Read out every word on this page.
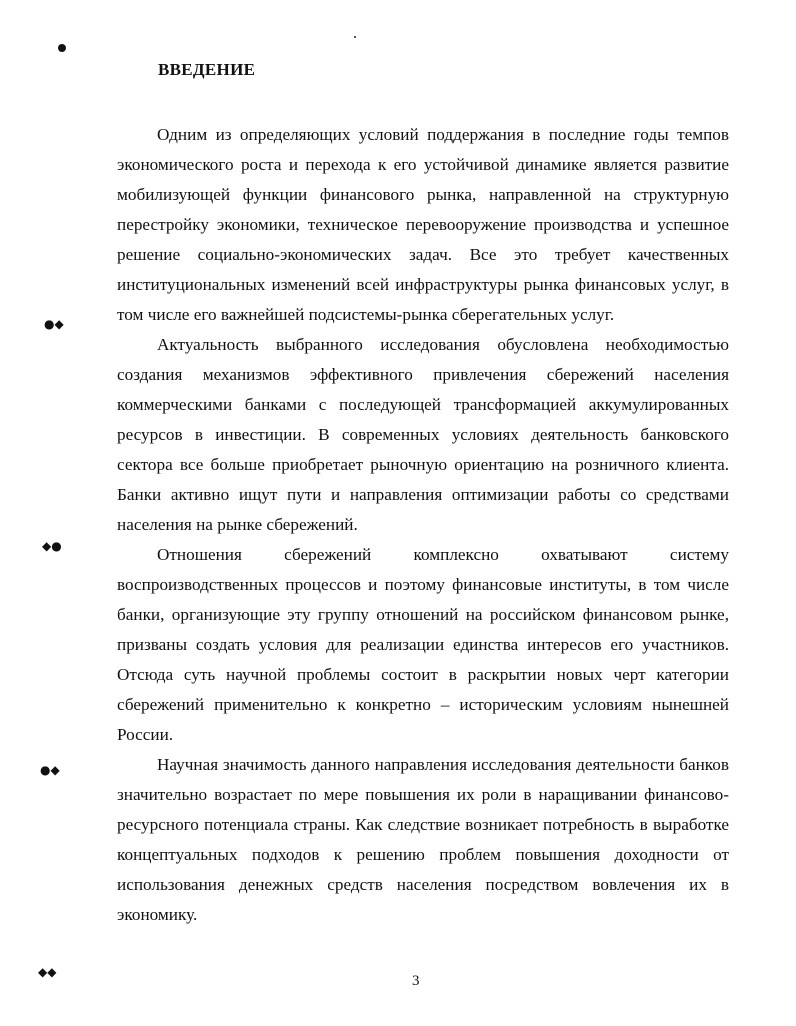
ВВЕДЕНИЕ

Одним из определяющих условий поддержания в последние годы темпов экономического роста и перехода к его устойчивой динамике является развитие мобилизующей функции финансового рынка, направленной на структурную перестройку экономики, техническое перевооружение производства и успешное решение социально-экономических задач. Все это требует качественных институциональных изменений всей инфраструктуры рынка финансовых услуг, в том числе его важнейшей подсистемы-рынка сберегательных услуг.

Актуальность выбранного исследования обусловлена необходимостью создания механизмов эффективного привлечения сбережений населения коммерческими банками с последующей трансформацией аккумулированных ресурсов в инвестиции. В современных условиях деятельность банковского сектора все больше приобретает рыночную ориентацию на розничного клиента. Банки активно ищут пути и направления оптимизации работы со средствами населения на рынке сбережений.

Отношения сбережений комплексно охватывают систему воспроизводственных процессов и поэтому финансовые институты, в том числе банки, организующие эту группу отношений на российском финансовом рынке, призваны создать условия для реализации единства интересов его участников. Отсюда суть научной проблемы состоит в раскрытии новых черт категории сбережений применительно к конкретно – историческим условиям нынешней России.

Научная значимость данного направления исследования деятельности банков значительно возрастает по мере повышения их роли в наращивании финансово-ресурсного потенциала страны. Как следствие возникает потребность в выработке концептуальных подходов к решению проблем повышения доходности от использования денежных средств населения посредством вовлечения их в экономику.

●◆
◆●
●◆
◆◆
3
